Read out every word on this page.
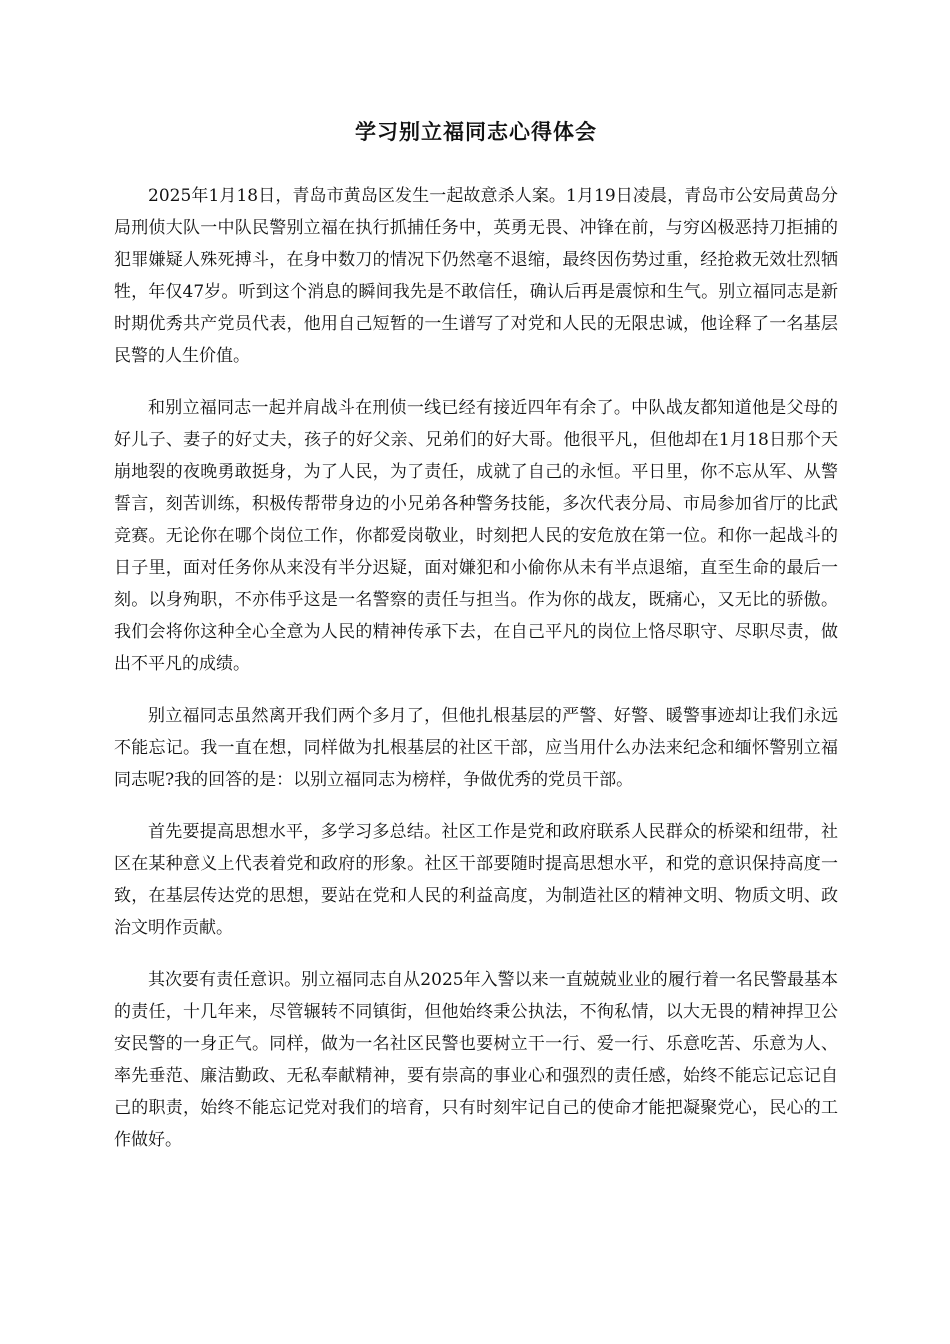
学习别立福同志心得体会

2025年1月18日，青岛市黄岛区发生一起故意杀人案。1月19日凌晨，青岛市公安局黄岛分局刑侦大队一中队民警别立福在执行抓捕任务中，英勇无畏、冲锋在前，与穷凶极恶持刀拒捕的犯罪嫌疑人殊死搏斗，在身中数刀的情况下仍然毫不退缩，最终因伤势过重，经抢救无效壮烈牺牲，年仅47岁。听到这个消息的瞬间我先是不敢信任，确认后再是震惊和生气。别立福同志是新时期优秀共产党员代表，他用自己短暂的一生谱写了对党和人民的无限忠诚，他诠释了一名基层民警的人生价值。

和别立福同志一起并肩战斗在刑侦一线已经有接近四年有余了。中队战友都知道他是父母的好儿子、妻子的好丈夫，孩子的好父亲、兄弟们的好大哥。他很平凡，但他却在1月18日那个天崩地裂的夜晚勇敢挺身，为了人民，为了责任，成就了自己的永恒。平日里，你不忘从军、从警誓言，刻苦训练，积极传帮带身边的小兄弟各种警务技能，多次代表分局、市局参加省厅的比武竞赛。无论你在哪个岗位工作，你都爱岗敬业，时刻把人民的安危放在第一位。和你一起战斗的日子里，面对任务你从来没有半分迟疑，面对嫌犯和小偷你从未有半点退缩，直至生命的最后一刻。以身殉职，不亦伟乎这是一名警察的责任与担当。作为你的战友，既痛心，又无比的骄傲。我们会将你这种全心全意为人民的精神传承下去，在自己平凡的岗位上恪尽职守、尽职尽责，做出不平凡的成绩。

别立福同志虽然离开我们两个多月了，但他扎根基层的严警、好警、暖警事迹却让我们永远不能忘记。我一直在想，同样做为扎根基层的社区干部，应当用什么办法来纪念和缅怀警别立福同志呢?我的回答的是：以别立福同志为榜样，争做优秀的党员干部。

首先要提高思想水平，多学习多总结。社区工作是党和政府联系人民群众的桥梁和纽带，社区在某种意义上代表着党和政府的形象。社区干部要随时提高思想水平，和党的意识保持高度一致，在基层传达党的思想，要站在党和人民的利益高度，为制造社区的精神文明、物质文明、政治文明作贡献。

其次要有责任意识。别立福同志自从2025年入警以来一直兢兢业业的履行着一名民警最基本的责任，十几年来，尽管辗转不同镇街，但他始终秉公执法，不徇私情，以大无畏的精神捍卫公安民警的一身正气。同样，做为一名社区民警也要树立干一行、爱一行、乐意吃苦、乐意为人、率先垂范、廉洁勤政、无私奉献精神，要有崇高的事业心和强烈的责任感，始终不能忘记忘记自己的职责，始终不能忘记党对我们的培育，只有时刻牢记自己的使命才能把凝聚党心，民心的工作做好。
